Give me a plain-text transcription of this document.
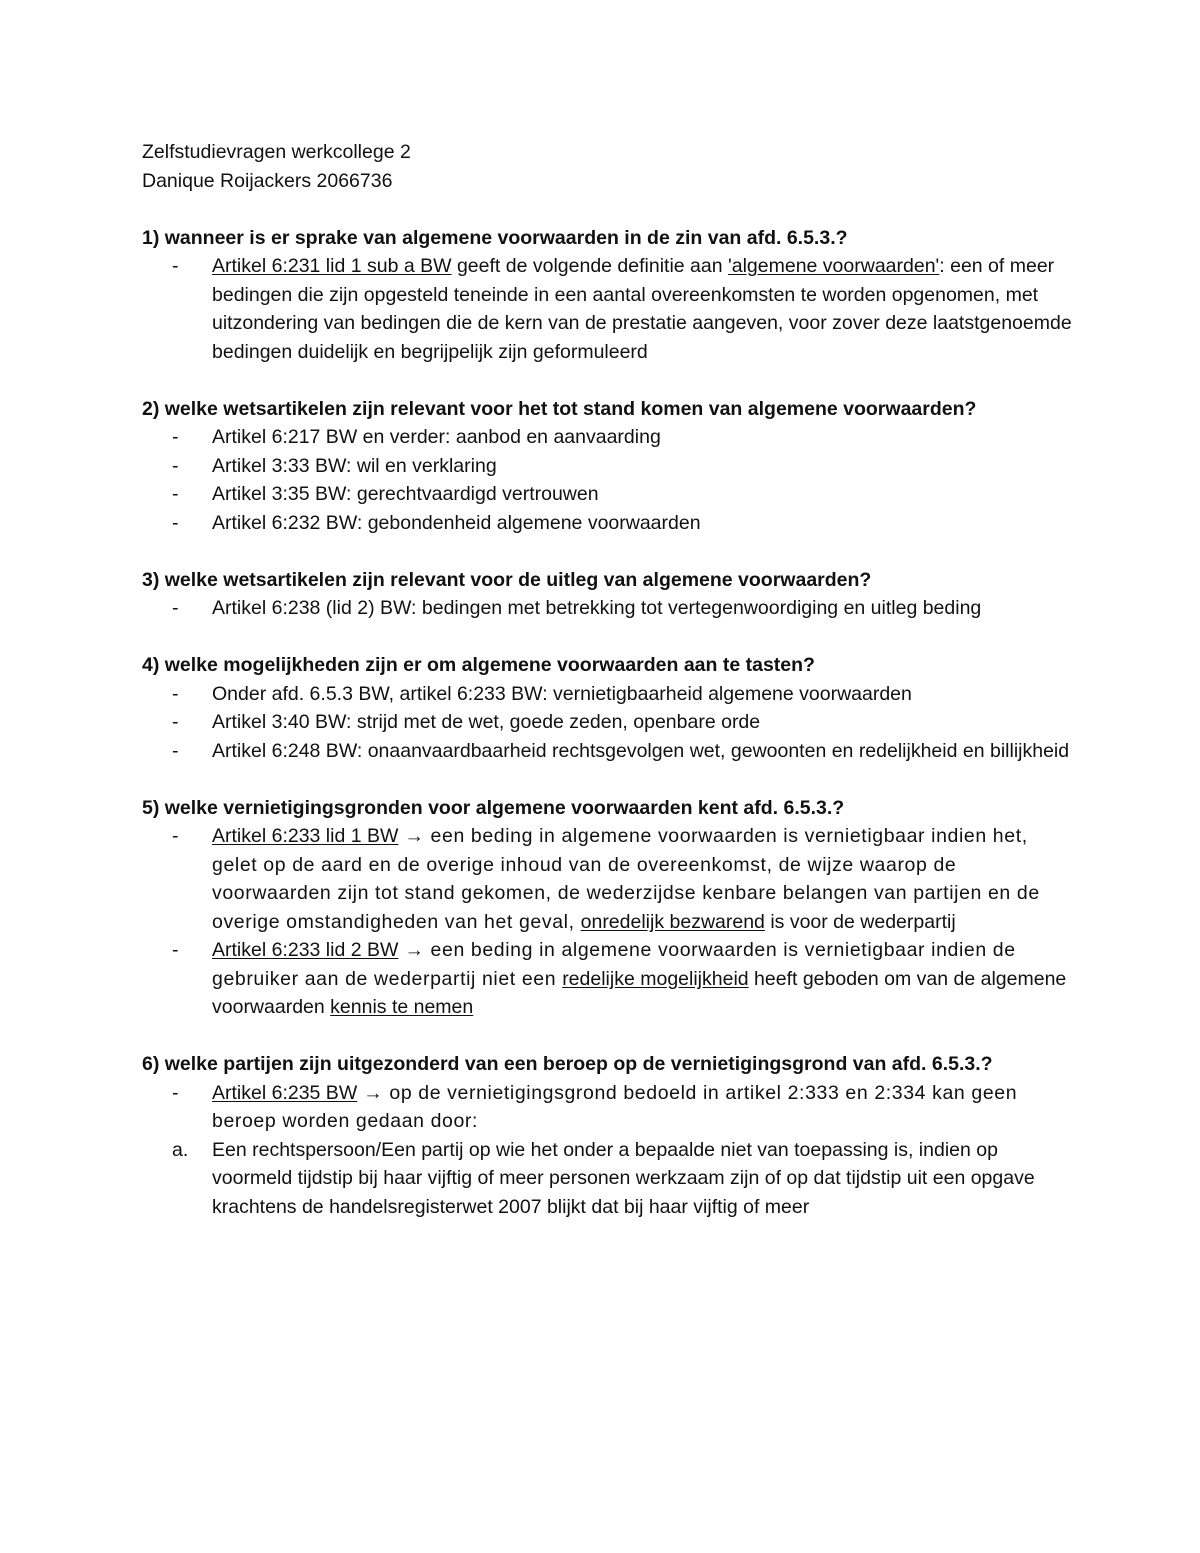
Zelfstudievragen werkcollege 2

Danique Roijackers 2066736

1) wanneer is er sprake van algemene voorwaarden in de zin van afd. 6.5.3.?

-	Artikel 6:231 lid 1 sub a BW geeft de volgende definitie aan 'algemene voorwaarden': een of meer bedingen die zijn opgesteld teneinde in een aantal overeenkomsten te worden opgenomen, met uitzondering van bedingen die de kern van de prestatie aangeven, voor zover deze laatstgenoemde bedingen duidelijk en begrijpelijk zijn geformuleerd

2) welke wetsartikelen zijn relevant voor het tot stand komen van algemene voorwaarden?

-	Artikel 6:217 BW en verder: aanbod en aanvaarding
-	Artikel 3:33 BW: wil en verklaring
-	Artikel 3:35 BW: gerechtvaardigd vertrouwen
-	Artikel 6:232 BW: gebondenheid algemene voorwaarden

3) welke wetsartikelen zijn relevant voor de uitleg van algemene voorwaarden?

-	Artikel 6:238 (lid 2) BW: bedingen met betrekking tot vertegenwoordiging en uitleg beding

4) welke mogelijkheden zijn er om algemene voorwaarden aan te tasten?

-	Onder afd. 6.5.3 BW, artikel 6:233 BW: vernietigbaarheid algemene voorwaarden
-	Artikel 3:40 BW: strijd met de wet, goede zeden, openbare orde
-	Artikel 6:248 BW: onaanvaardbaarheid rechtsgevolgen wet, gewoonten en redelijkheid en billijkheid

5) welke vernietigingsgronden voor algemene voorwaarden kent afd. 6.5.3.?

-	Artikel 6:233 lid 1 BW → een beding in algemene voorwaarden is vernietigbaar indien het, gelet op de aard en de overige inhoud van de overeenkomst, de wijze waarop de voorwaarden zijn tot stand gekomen, de wederzijdse kenbare belangen van partijen en de overige omstandigheden van het geval, onredelijk bezwarend is voor de wederpartij
-	Artikel 6:233 lid 2 BW → een beding in algemene voorwaarden is vernietigbaar indien de gebruiker aan de wederpartij niet een redelijke mogelijkheid heeft geboden om van de algemene voorwaarden kennis te nemen

6) welke partijen zijn uitgezonderd van een beroep op de vernietigingsgrond van afd. 6.5.3.?

-	Artikel 6:235 BW → op de vernietigingsgrond bedoeld in artikel 2:333 en 2:334 kan geen beroep worden gedaan door:
a.	Een rechtspersoon/Een partij op wie het onder a bepaalde niet van toepassing is, indien op voormeld tijdstip bij haar vijftig of meer personen werkzaam zijn of op dat tijdstip uit een opgave krachtens de handelsregisterwet 2007 blijkt dat bij haar vijftig of meer
